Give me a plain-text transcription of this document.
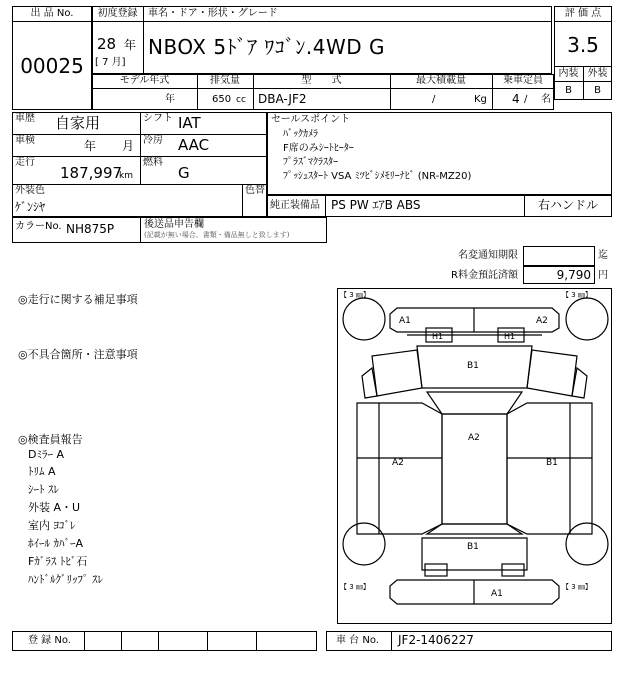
出 品 No.
00025
初度登録	車名・ドア・形状・グレード
28 年
[ 7 月]
NBOX 5ﾄﾞｱ ﾜｺﾞﾝ.4WD G
評 価 点
3.5
内装 外装
B	B
モデル年式	排気量	型　　式	最大積載量	乗車定員
年	650 cc DBA-JF2	/	Kg 4 / 名
車歴 自家用
車検	年 月
走行
187,997
km
シフト IAT
冷房 AAC
燃料
G
外装色
ｹﾞﾝｼﾔ
色替
カラーNo. NH875P	後送品申告欄
(記載が無い場合、書類・備品無しと致します)
セールスポイント
ﾊﾞｯｸｶﾒﾗ
F席のみｼｰﾄﾋｰﾀｰ
ﾌﾟﾗｽﾞﾏｸﾗｽﾀｰ
ﾌﾟｯｼｭｽﾀｰﾄ VSA ﾐﾂﾋﾞｼﾒﾓﾘｰﾅﾋﾞ (NR-MZ20)
純正装備品 PS PW ｴｱB ABS	右ハンドル
名変通知期限	迄
R料金預託済額	9,790 円
◎走行に関する補足事項
◎不具合箇所・注意事項
◎検査員報告
Dﾐﾗｰ A
ﾄﾘﾑ A
ｼｰﾄ ｽﾚ
外装 A・U
室内 ﾖｺﾞﾚ
ﾎｲｰﾙ ｶﾊﾞｰA
Fｶﾞﾗｽ ﾄﾋﾞ石
ﾊﾝﾄﾞﾙｸﾞﾘｯﾌﾟ ｽﾚ
【 3 ㎜】	【 3 ㎜】
【 3 ㎜】	【 3 ㎜】
A1	A2
H1	H1
B1
A2
A2	B1
B1
A1
登 録 No.	車 台 No. JF2-1406227
